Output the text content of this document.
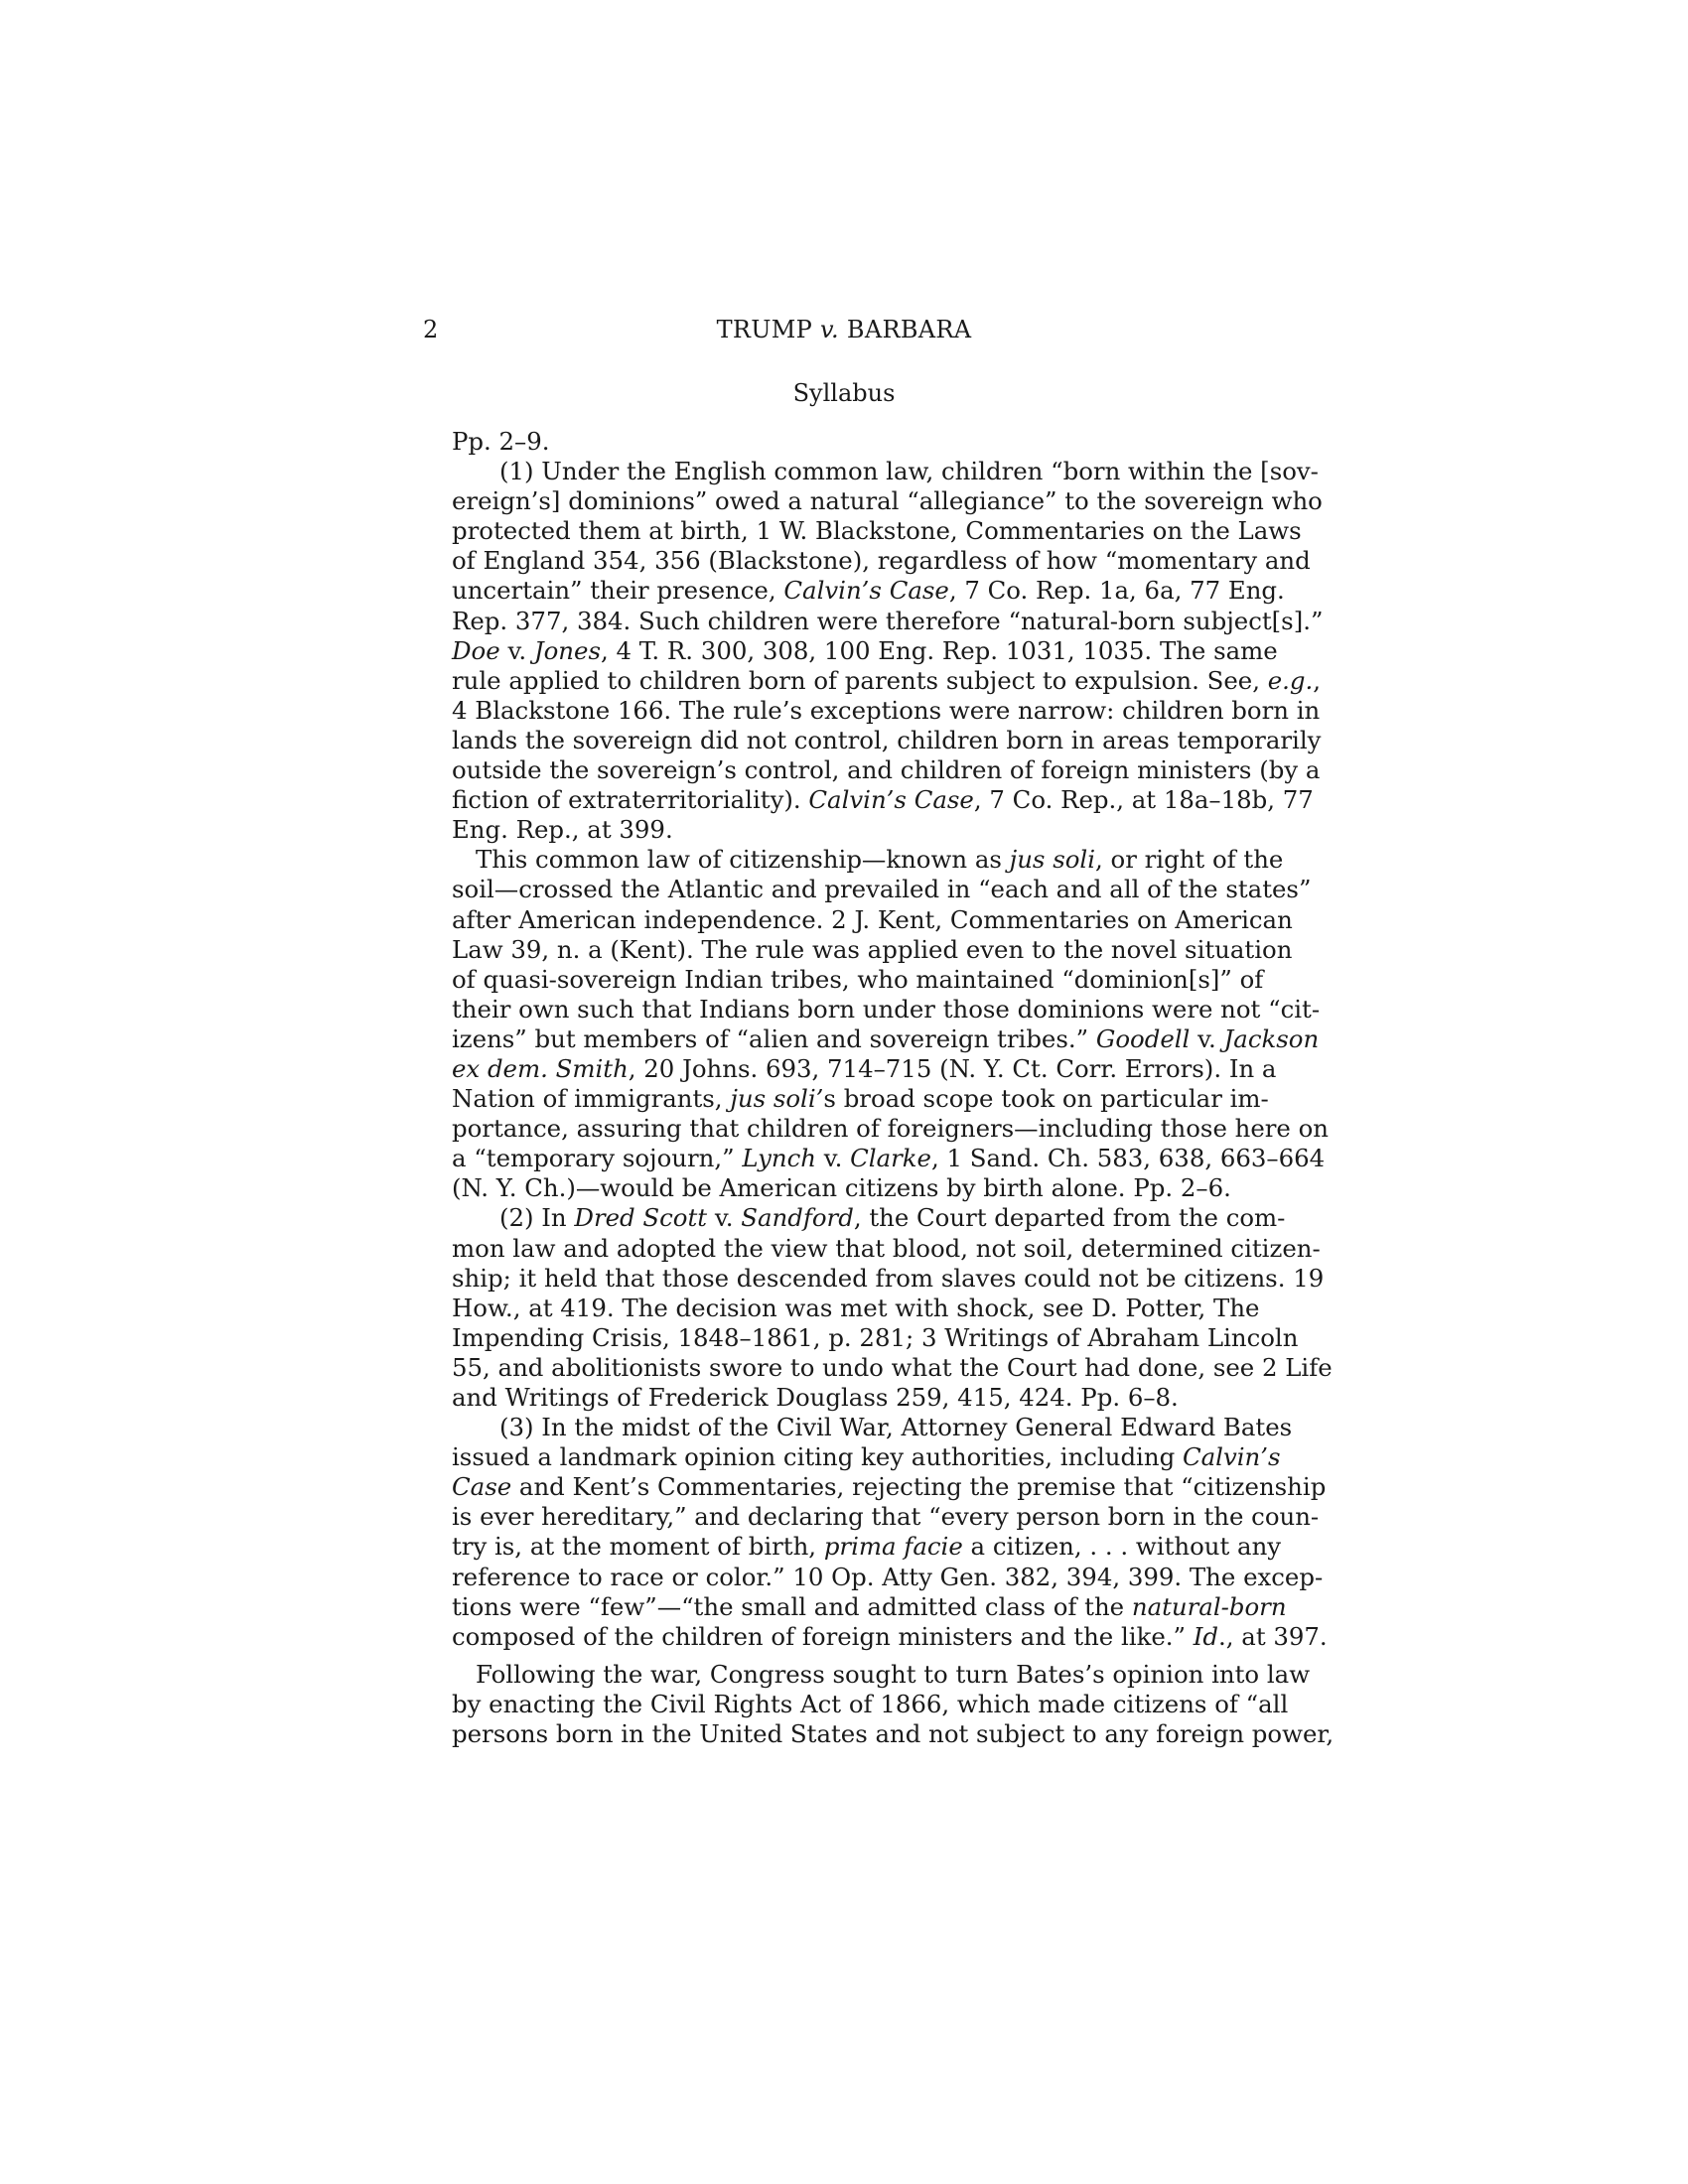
2	TRUMP v. BARBARA
Syllabus
Pp. 2–9.
(1) Under the English common law, children “born within the [sov-
ereign’s] dominions” owed a natural “allegiance” to the sovereign who
protected them at birth, 1 W. Blackstone, Commentaries on the Laws
of England 354, 356 (Blackstone), regardless of how “momentary and
uncertain” their presence, Calvin’s Case, 7 Co. Rep. 1a, 6a, 77 Eng.
Rep. 377, 384. Such children were therefore “natural-born subject[s].”
Doe v. Jones, 4 T. R. 300, 308, 100 Eng. Rep. 1031, 1035. The same
rule applied to children born of parents subject to expulsion. See, e.g.,
4 Blackstone 166. The rule’s exceptions were narrow: children born in
lands the sovereign did not control, children born in areas temporarily
outside the sovereign’s control, and children of foreign ministers (by a
fiction of extraterritoriality). Calvin’s Case, 7 Co. Rep., at 18a–18b, 77
Eng. Rep., at 399.
This common law of citizenship—known as jus soli, or right of the
soil—crossed the Atlantic and prevailed in “each and all of the states”
after American independence. 2 J. Kent, Commentaries on American
Law 39, n. a (Kent). The rule was applied even to the novel situation
of quasi-sovereign Indian tribes, who maintained “dominion[s]” of
their own such that Indians born under those dominions were not “cit-
izens” but members of “alien and sovereign tribes.” Goodell v. Jackson
ex dem. Smith, 20 Johns. 693, 714–715 (N. Y. Ct. Corr. Errors). In a
Nation of immigrants, jus soli’s broad scope took on particular im-
portance, assuring that children of foreigners—including those here on
a “temporary sojourn,” Lynch v. Clarke, 1 Sand. Ch. 583, 638, 663–664
(N. Y. Ch.)—would be American citizens by birth alone. Pp. 2–6.
(2) In Dred Scott v. Sandford, the Court departed from the com-
mon law and adopted the view that blood, not soil, determined citizen-
ship; it held that those descended from slaves could not be citizens. 19
How., at 419. The decision was met with shock, see D. Potter, The
Impending Crisis, 1848–1861, p. 281; 3 Writings of Abraham Lincoln
55, and abolitionists swore to undo what the Court had done, see 2 Life
and Writings of Frederick Douglass 259, 415, 424. Pp. 6–8.
(3) In the midst of the Civil War, Attorney General Edward Bates
issued a landmark opinion citing key authorities, including Calvin’s
Case and Kent’s Commentaries, rejecting the premise that “citizenship
is ever hereditary,” and declaring that “every person born in the coun-
try is, at the moment of birth, prima facie a citizen, . . . without any
reference to race or color.” 10 Op. Atty Gen. 382, 394, 399. The excep-
tions were “few”—“the small and admitted class of the natural-born
composed of the children of foreign ministers and the like.” Id., at 397.
Following the war, Congress sought to turn Bates’s opinion into law
by enacting the Civil Rights Act of 1866, which made citizens of “all
persons born in the United States and not subject to any foreign power,
